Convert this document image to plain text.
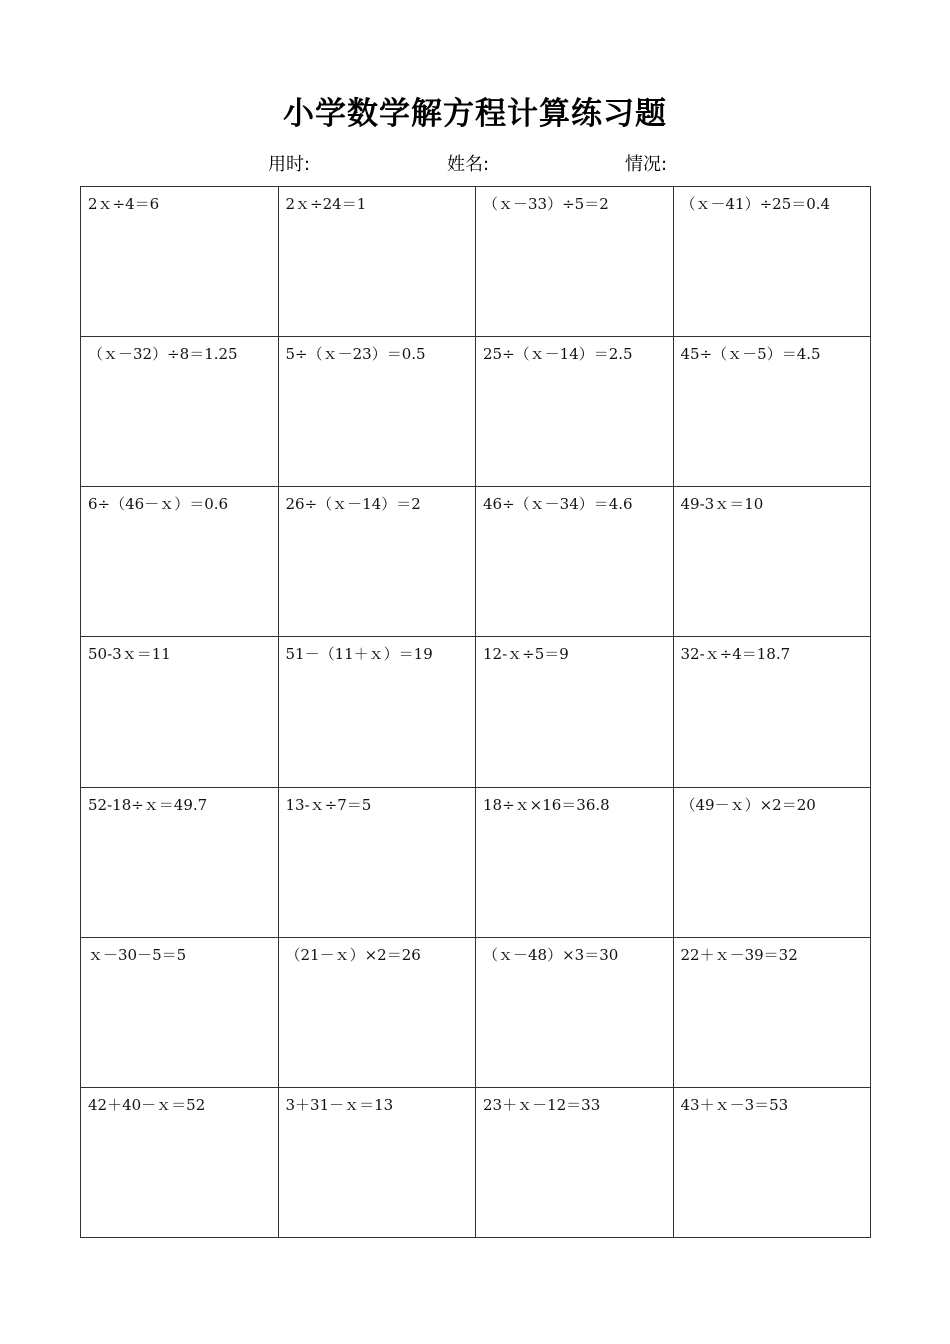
小学数学解方程计算练习题
用时:	姓名:	情况:
2ｘ÷4＝6	2ｘ÷24＝1	（ｘ－33）÷5＝2	（ｘ－41）÷25＝0.4
（ｘ－32）÷8＝1.25	5÷（ｘ－23）＝0.5	25÷（ｘ－14）＝2.5	45÷（ｘ－5）＝4.5
6÷（46－ｘ）＝0.6	26÷（ｘ－14）＝2	46÷（ｘ－34）＝4.6	49-3ｘ＝10
50-3ｘ＝11	51－（11＋ｘ）＝19	12-ｘ÷5＝9	32-ｘ÷4＝18.7
52-18÷ｘ＝49.7	13-ｘ÷7＝5	18÷ｘ×16＝36.8	（49－ｘ）×2＝20
ｘ－30－5＝5	（21－ｘ）×2＝26	（ｘ－48）×3＝30	22＋ｘ－39＝32
42＋40－ｘ＝52	3＋31－ｘ＝13	23＋ｘ－12＝33	43＋ｘ－3＝53
